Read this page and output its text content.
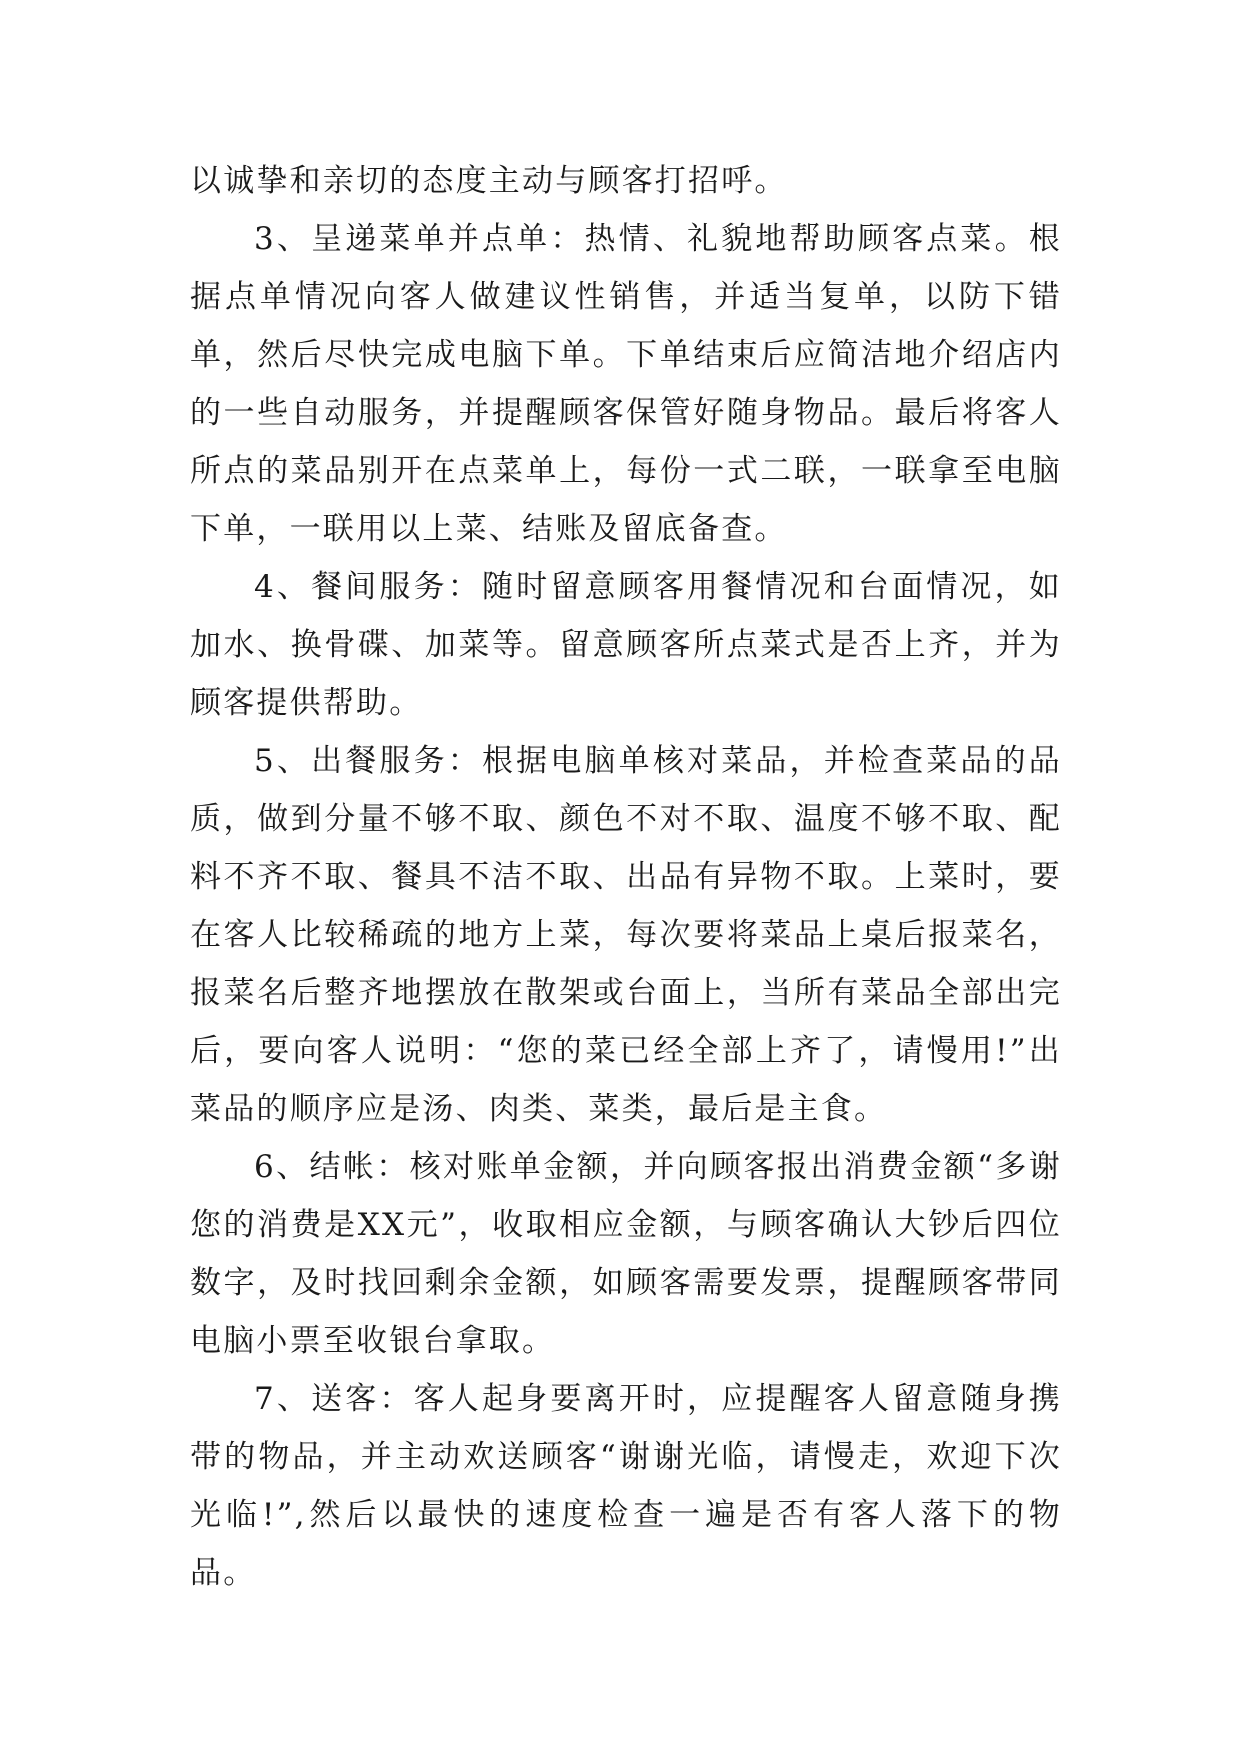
以诚挚和亲切的态度主动与顾客打招呼。

3、呈递菜单并点单：热情、礼貌地帮助顾客点菜。根据点单情况向客人做建议性销售，并适当复单，以防下错单，然后尽快完成电脑下单。下单结束后应简洁地介绍店内的一些自动服务，并提醒顾客保管好随身物品。最后将客人所点的菜品别开在点菜单上，每份一式二联，一联拿至电脑下单，一联用以上菜、结账及留底备查。

4、餐间服务：随时留意顾客用餐情况和台面情况，如加水、换骨碟、加菜等。留意顾客所点菜式是否上齐，并为顾客提供帮助。

5、出餐服务：根据电脑单核对菜品，并检查菜品的品质，做到分量不够不取、颜色不对不取、温度不够不取、配料不齐不取、餐具不洁不取、出品有异物不取。上菜时，要在客人比较稀疏的地方上菜，每次要将菜品上桌后报菜名，报菜名后整齐地摆放在散架或台面上，当所有菜品全部出完后，要向客人说明：“您的菜已经全部上齐了，请慢用!”出菜品的顺序应是汤、肉类、菜类，最后是主食。

6、结帐：核对账单金额，并向顾客报出消费金额“多谢您的消费是XX元”，收取相应金额，与顾客确认大钞后四位数字，及时找回剩余金额，如顾客需要发票，提醒顾客带同电脑小票至收银台拿取。

7、送客：客人起身要离开时，应提醒客人留意随身携带的物品，并主动欢送顾客“谢谢光临，请慢走，欢迎下次光临!”,然后以最快的速度检查一遍是否有客人落下的物品。
